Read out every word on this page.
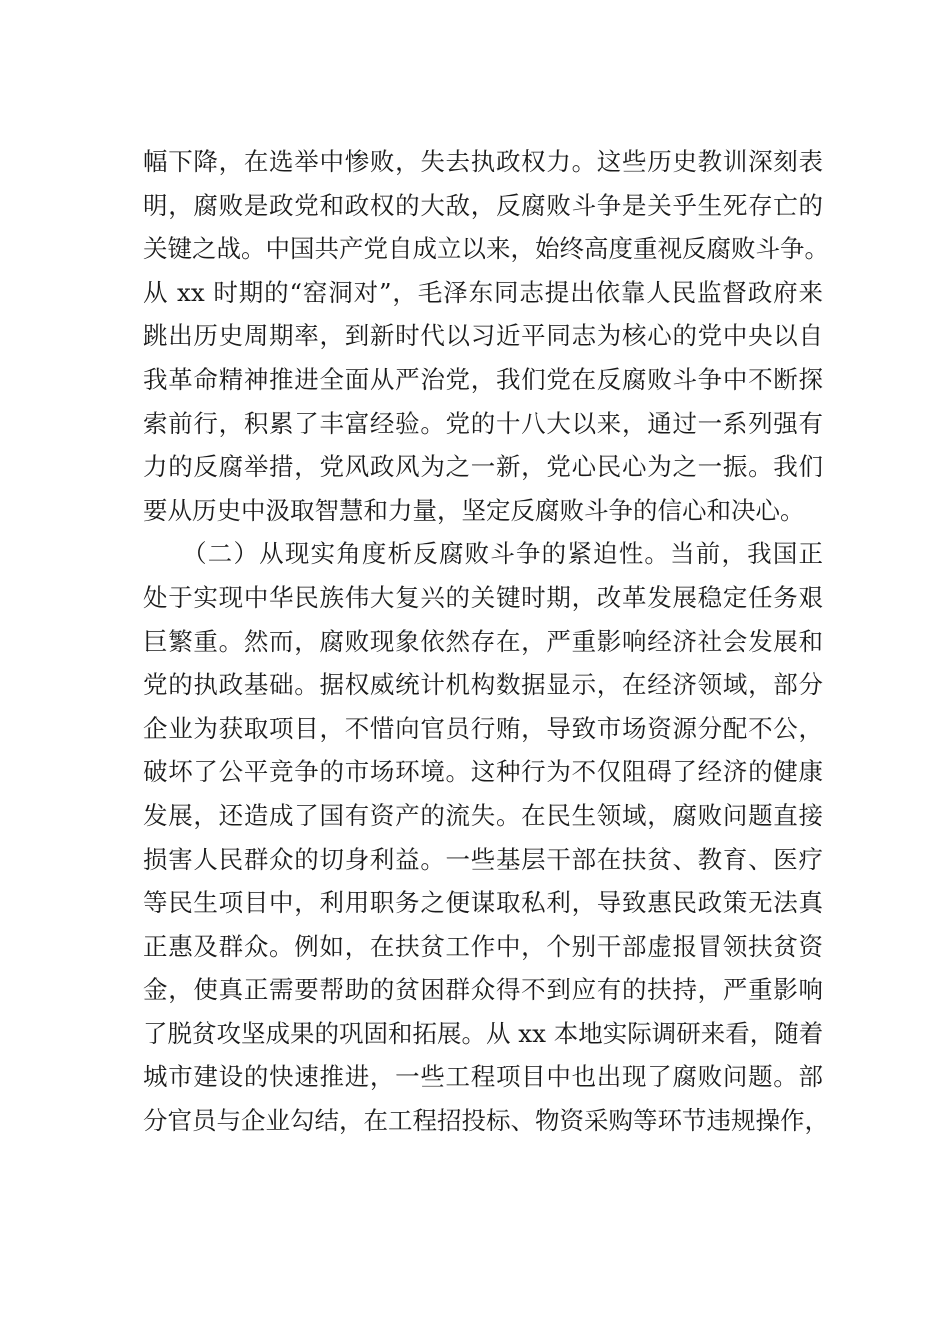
幅下降，在选举中惨败，失去执政权力。这些历史教训深刻表
明，腐败是政党和政权的大敌，反腐败斗争是关乎生死存亡的
关键之战。中国共产党自成立以来，始终高度重视反腐败斗争。
从 xx 时期的“窑洞对”，毛泽东同志提出依靠人民监督政府来
跳出历史周期率，到新时代以习近平同志为核心的党中央以自
我革命精神推进全面从严治党，我们党在反腐败斗争中不断探
索前行，积累了丰富经验。党的十八大以来，通过一系列强有
力的反腐举措，党风政风为之一新，党心民心为之一振。我们
要从历史中汲取智慧和力量，坚定反腐败斗争的信心和决心。
　　（二）从现实角度析反腐败斗争的紧迫性。当前，我国正
处于实现中华民族伟大复兴的关键时期，改革发展稳定任务艰
巨繁重。然而，腐败现象依然存在，严重影响经济社会发展和
党的执政基础。据权威统计机构数据显示，在经济领域，部分
企业为获取项目，不惜向官员行贿，导致市场资源分配不公，
破坏了公平竞争的市场环境。这种行为不仅阻碍了经济的健康
发展，还造成了国有资产的流失。在民生领域，腐败问题直接
损害人民群众的切身利益。一些基层干部在扶贫、教育、医疗
等民生项目中，利用职务之便谋取私利，导致惠民政策无法真
正惠及群众。例如，在扶贫工作中，个别干部虚报冒领扶贫资
金，使真正需要帮助的贫困群众得不到应有的扶持，严重影响
了脱贫攻坚成果的巩固和拓展。从 xx 本地实际调研来看，随着
城市建设的快速推进，一些工程项目中也出现了腐败问题。部
分官员与企业勾结，在工程招投标、物资采购等环节违规操作，
